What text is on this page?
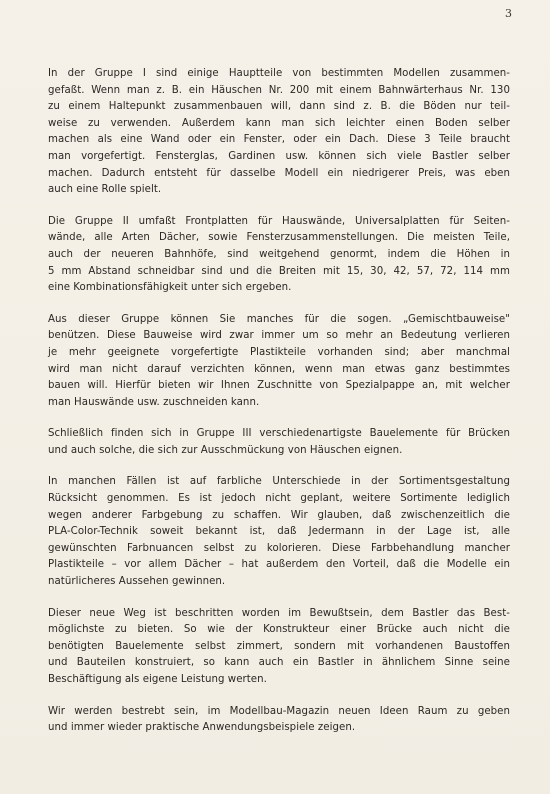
3

In der Gruppe I sind einige Hauptteile von bestimmten Modellen zusammen-
gefaßt. Wenn man z. B. ein Häuschen Nr. 200 mit einem Bahnwärterhaus Nr. 130
zu einem Haltepunkt zusammenbauen will, dann sind z. B. die Böden nur teil-
weise zu verwenden. Außerdem kann man sich leichter einen Boden selber
machen als eine Wand oder ein Fenster, oder ein Dach. Diese 3 Teile braucht
man vorgefertigt. Fensterglas, Gardinen usw. können sich viele Bastler selber
machen. Dadurch entsteht für dasselbe Modell ein niedrigerer Preis, was eben
auch eine Rolle spielt.

Die Gruppe II umfaßt Frontplatten für Hauswände, Universalplatten für Seiten-
wände, alle Arten Dächer, sowie Fensterzusammenstellungen. Die meisten Teile,
auch der neueren Bahnhöfe, sind weitgehend genormt, indem die Höhen in
5 mm Abstand schneidbar sind und die Breiten mit 15, 30, 42, 57, 72, 114 mm
eine Kombinationsfähigkeit unter sich ergeben.

Aus dieser Gruppe können Sie manches für die sogen. „Gemischtbauweise"
benützen. Diese Bauweise wird zwar immer um so mehr an Bedeutung verlieren
je mehr geeignete vorgefertigte Plastikteile vorhanden sind; aber manchmal
wird man nicht darauf verzichten können, wenn man etwas ganz bestimmtes
bauen will. Hierfür bieten wir Ihnen Zuschnitte von Spezialpappe an, mit welcher
man Hauswände usw. zuschneiden kann.

Schließlich finden sich in Gruppe III verschiedenartigste Bauelemente für Brücken
und auch solche, die sich zur Ausschmückung von Häuschen eignen.

In manchen Fällen ist auf farbliche Unterschiede in der Sortimentsgestaltung
Rücksicht genommen. Es ist jedoch nicht geplant, weitere Sortimente lediglich
wegen anderer Farbgebung zu schaffen. Wir glauben, daß zwischenzeitlich die
PLA-Color-Technik soweit bekannt ist, daß Jedermann in der Lage ist, alle
gewünschten Farbnuancen selbst zu kolorieren. Diese Farbbehandlung mancher
Plastikteile – vor allem Dächer – hat außerdem den Vorteil, daß die Modelle ein
natürlicheres Aussehen gewinnen.

Dieser neue Weg ist beschritten worden im Bewußtsein, dem Bastler das Best-
möglichste zu bieten. So wie der Konstrukteur einer Brücke auch nicht die
benötigten Bauelemente selbst zimmert, sondern mit vorhandenen Baustoffen
und Bauteilen konstruiert, so kann auch ein Bastler in ähnlichem Sinne seine
Beschäftigung als eigene Leistung werten.

Wir werden bestrebt sein, im Modellbau-Magazin neuen Ideen Raum zu geben
und immer wieder praktische Anwendungsbeispiele zeigen.
